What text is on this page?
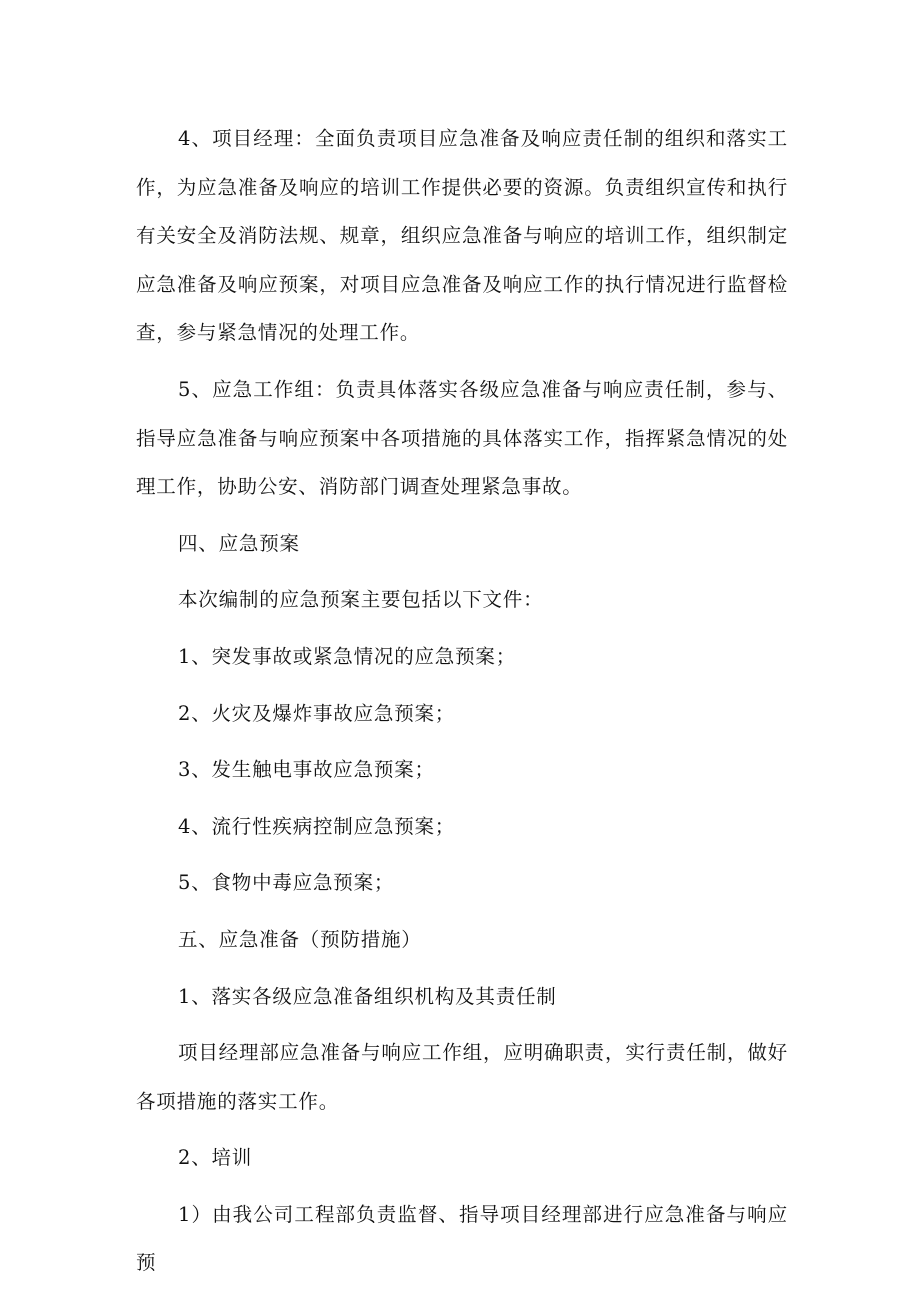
4、项目经理：全面负责项目应急准备及响应责任制的组织和落实工作，为应急准备及响应的培训工作提供必要的资源。负责组织宣传和执行有关安全及消防法规、规章，组织应急准备与响应的培训工作，组织制定应急准备及响应预案，对项目应急准备及响应工作的执行情况进行监督检查，参与紧急情况的处理工作。

5、应急工作组：负责具体落实各级应急准备与响应责任制，参与、指导应急准备与响应预案中各项措施的具体落实工作，指挥紧急情况的处理工作，协助公安、消防部门调查处理紧急事故。

四、应急预案

本次编制的应急预案主要包括以下文件：

1、突发事故或紧急情况的应急预案；

2、火灾及爆炸事故应急预案；

3、发生触电事故应急预案；

4、流行性疾病控制应急预案；

5、食物中毒应急预案；

五、应急准备（预防措施）

1、落实各级应急准备组织机构及其责任制

项目经理部应急准备与响应工作组，应明确职责，实行责任制，做好各项措施的落实工作。

2、培训

1）由我公司工程部负责监督、指导项目经理部进行应急准备与响应预
